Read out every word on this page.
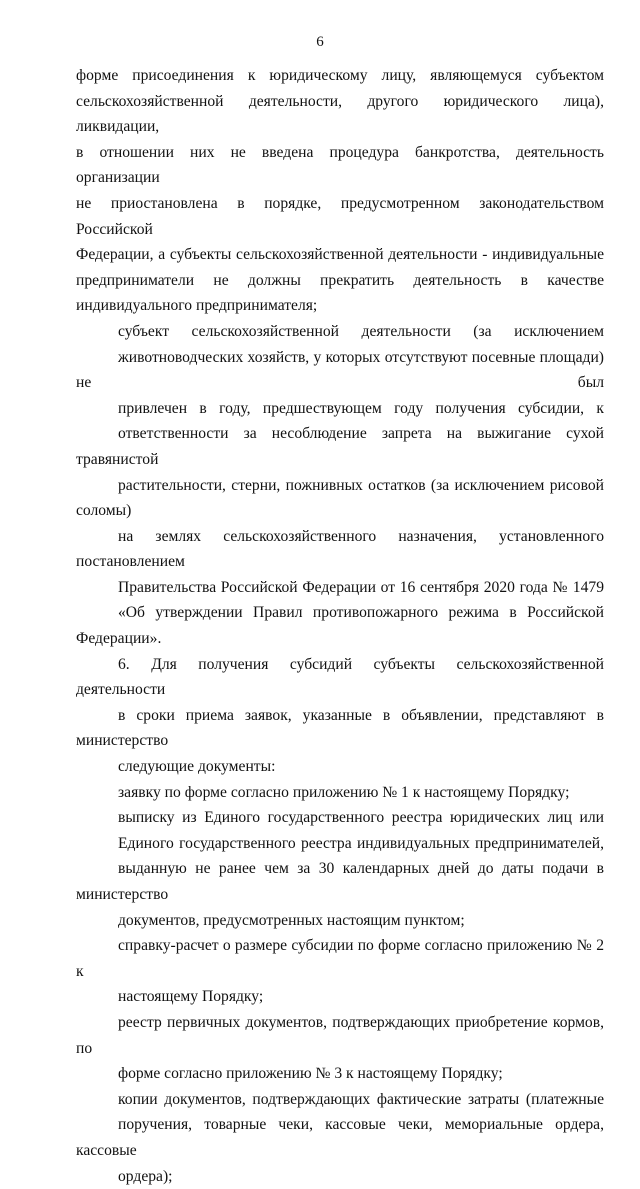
6
форме присоединения к юридическому лицу, являющемуся субъектом
сельскохозяйственной деятельности, другого юридического лица), ликвидации,
в отношении них не введена процедура банкротства, деятельность организации
не приостановлена в порядке, предусмотренном законодательством Российской
Федерации, а субъекты сельскохозяйственной деятельности - индивидуальные
предприниматели не должны прекратить деятельность в качестве
индивидуального предпринимателя;
субъект сельскохозяйственной деятельности (за исключением
животноводческих хозяйств, у которых отсутствуют посевные площади) не был
привлечен в году, предшествующем году получения субсидии, к
ответственности за несоблюдение запрета на выжигание сухой травянистой
растительности, стерни, пожнивных остатков (за исключением рисовой соломы)
на землях сельскохозяйственного назначения, установленного постановлением
Правительства Российской Федерации от 16 сентября 2020 года № 1479
«Об утверждении Правил противопожарного режима в Российской Федерации».
6. Для получения субсидий субъекты сельскохозяйственной деятельности
в сроки приема заявок, указанные в объявлении, представляют в министерство
следующие документы:
заявку по форме согласно приложению № 1 к настоящему Порядку;
выписку из Единого государственного реестра юридических лиц или
Единого государственного реестра индивидуальных предпринимателей,
выданную не ранее чем за 30 календарных дней до даты подачи в министерство
документов, предусмотренных настоящим пунктом;
справку-расчет о размере субсидии по форме согласно приложению № 2 к
настоящему Порядку;
реестр первичных документов, подтверждающих приобретение кормов, по
форме согласно приложению № 3 к настоящему Порядку;
копии документов, подтверждающих фактические затраты (платежные
поручения, товарные чеки, кассовые чеки, мемориальные ордера, кассовые
ордера);
